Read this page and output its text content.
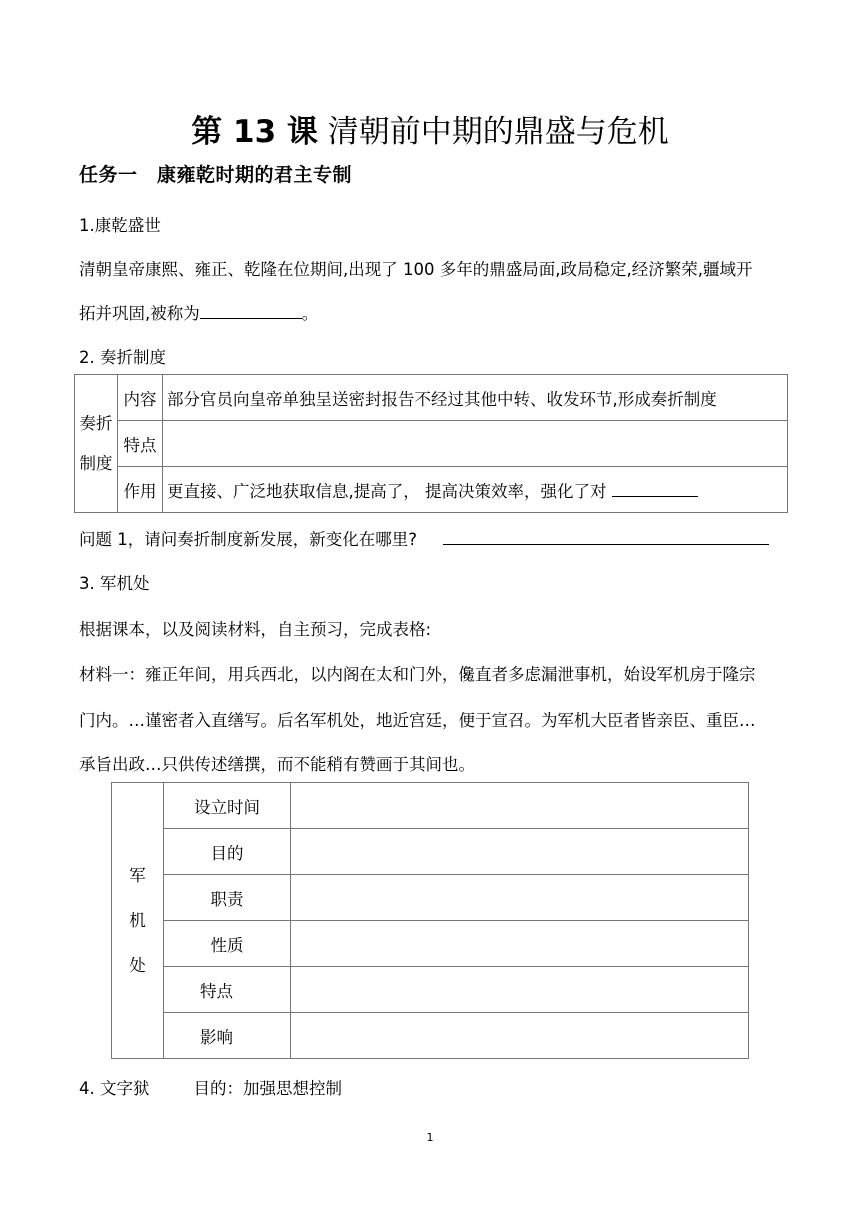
第 13 课 清朝前中期的鼎盛与危机
任务一　康雍乾时期的君主专制
1.康乾盛世
清朝皇帝康熙、雍正、乾隆在位期间,出现了 100 多年的鼎盛局面,政局稳定,经济繁荣,疆域开
拓并巩固,被称为	。
2. 奏折制度
奏折
制度	内容	部分官员向皇帝单独呈送密封报告不经过其他中转、收发环节,形成奏折制度
	特点	
	作用	更直接、广泛地获取信息,提高了， 提高决策效率，强化了对
问题 1，请问奏折制度新发展，新变化在哪里?
3. 军机处
根据课本，以及阅读材料，自主预习，完成表格:
材料一：雍正年间，用兵西北，以内阁在太和门外，儳直者多虑漏泄事机，始设军机房于隆宗
门内。…谨密者入直缮写。后名军机处，地近宫廷，便于宣召。为军机大臣者皆亲臣、重臣…
承旨出政…只供传述缮撰，而不能稍有赞画于其间也。
军
机
处	设立时间	
	目的	
	职责	
	性质	
	特点	
	影响	
4. 文字狱	目的：加强思想控制
1
